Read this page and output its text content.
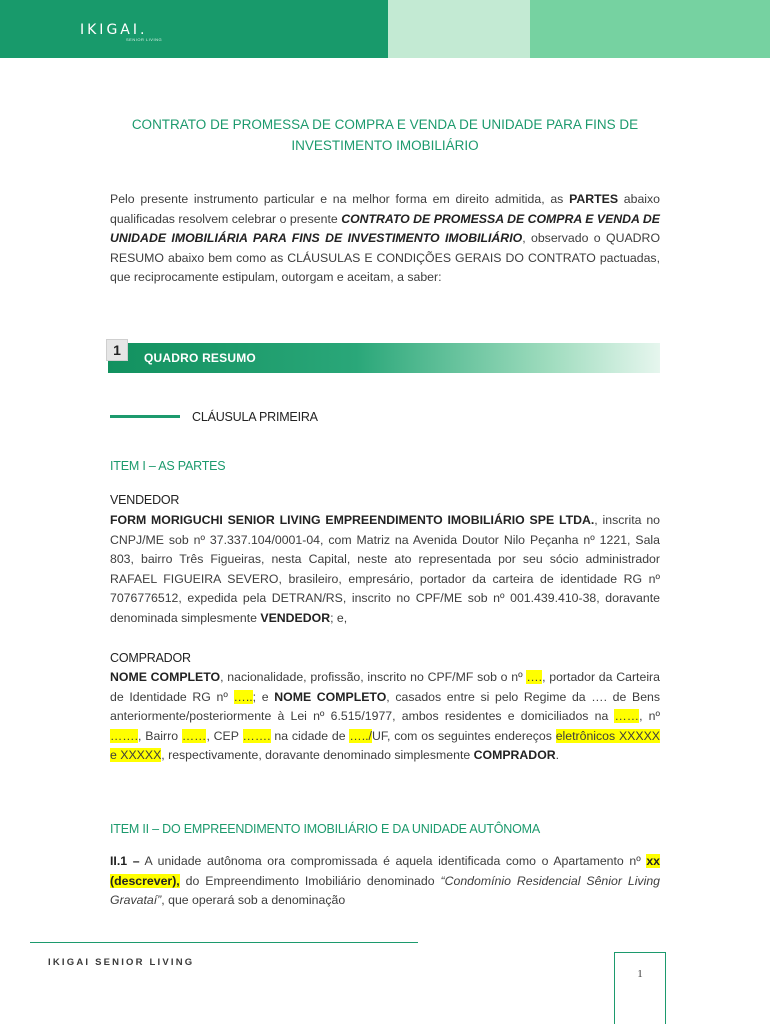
IKIGAI.
SENIOR LIVING
CONTRATO DE PROMESSA DE COMPRA E VENDA DE UNIDADE PARA FINS DE
INVESTIMENTO IMOBILIÁRIO
Pelo presente instrumento particular e na melhor forma em direito admitida, as PARTES abaixo qualificadas resolvem celebrar o presente CONTRATO DE PROMESSA DE COMPRA E VENDA DE UNIDADE IMOBILIÁRIA PARA FINS DE INVESTIMENTO IMOBILIÁRIO, observado o QUADRO RESUMO abaixo bem como as CLÁUSULAS E CONDIÇÕES GERAIS DO CONTRATO pactuadas, que reciprocamente estipulam, outorgam e aceitam, a saber:
1	QUADRO RESUMO
CLÁUSULA PRIMEIRA
ITEM I – AS PARTES
VENDEDOR
FORM MORIGUCHI SENIOR LIVING EMPREENDIMENTO IMOBILIÁRIO SPE LTDA., inscrita no CNPJ/ME sob nº 37.337.104/0001-04, com Matriz na Avenida Doutor Nilo Peçanha nº 1221, Sala 803, bairro Três Figueiras, nesta Capital, neste ato representada por seu sócio administrador RAFAEL FIGUEIRA SEVERO, brasileiro, empresário, portador da carteira de identidade RG nº 7076776512, expedida pela DETRAN/RS, inscrito no CPF/ME sob nº 001.439.410-38, doravante denominada simplesmente VENDEDOR; e,
COMPRADOR
NOME COMPLETO, nacionalidade, profissão, inscrito no CPF/MF sob o nº …., portador da Carteira de Identidade RG nº …..; e NOME COMPLETO, casados entre si pelo Regime da …. de Bens anteriormente/posteriormente à Lei nº 6.515/1977, ambos residentes e domiciliados na ……, nº ……., Bairro ……, CEP ……. na cidade de …../UF, com os seguintes endereços eletrônicos XXXXX e XXXXX, respectivamente, doravante denominado simplesmente COMPRADOR.
ITEM II – DO EMPREENDIMENTO IMOBILIÁRIO E DA UNIDADE AUTÔNOMA
II.1 – A unidade autônoma ora compromissada é aquela identificada como o Apartamento nº xx (descrever), do Empreendimento Imobiliário denominado “Condomínio Residencial Sênior Living Gravataí”, que operará sob a denominação
IKIGAI SENIOR LIVING
1
